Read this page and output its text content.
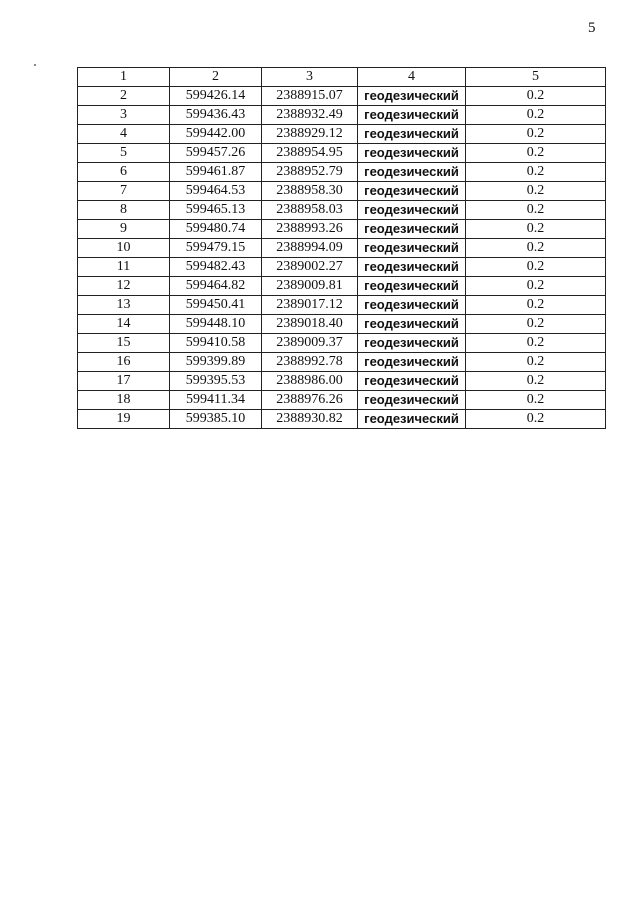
5
1	2	3	4	5
2	599426.14	2388915.07	геодезический	0.2
3	599436.43	2388932.49	геодезический	0.2
4	599442.00	2388929.12	геодезический	0.2
5	599457.26	2388954.95	геодезический	0.2
6	599461.87	2388952.79	геодезический	0.2
7	599464.53	2388958.30	геодезический	0.2
8	599465.13	2388958.03	геодезический	0.2
9	599480.74	2388993.26	геодезический	0.2
10	599479.15	2388994.09	геодезический	0.2
11	599482.43	2389002.27	геодезический	0.2
12	599464.82	2389009.81	геодезический	0.2
13	599450.41	2389017.12	геодезический	0.2
14	599448.10	2389018.40	геодезический	0.2
15	599410.58	2389009.37	геодезический	0.2
16	599399.89	2388992.78	геодезический	0.2
17	599395.53	2388986.00	геодезический	0.2
18	599411.34	2388976.26	геодезический	0.2
19	599385.10	2388930.82	геодезический	0.2
